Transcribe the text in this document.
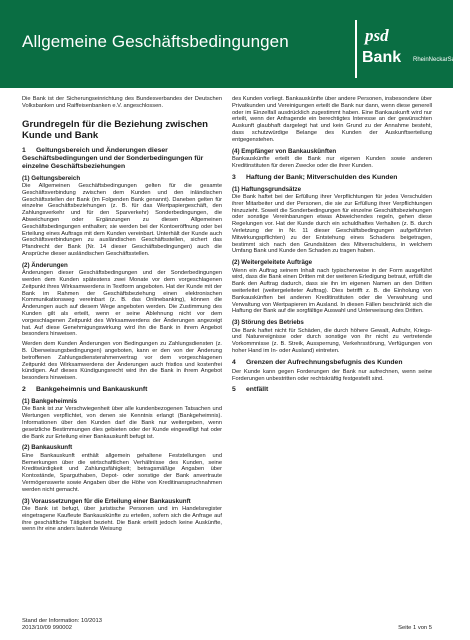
Allgemeine Geschäftsbedingungen	psd
Bank RheinNeckarSaar eG

Die Bank ist der Sicherungseinrichtung des Bundesverbandes der Deutschen Volksbanken und Raiffeisenbanken e.V. angeschlossen.

Grundregeln für die Beziehung zwischen Kunde und Bank
1 Geltungsbereich und Änderungen dieser Geschäftsbedingungen und der Sonderbedingungen für einzelne Geschäftsbeziehungen
(1) Geltungsbereich

Die Allgemeinen Geschäftsbedingungen gelten für die gesamte Geschäftsverbindung zwischen dem Kunden und den inländischen Geschäftsstellen der Bank (im Folgenden Bank genannt). Daneben gelten für einzelne Geschäftsbeziehungen (z. B. für das Wertpapiergeschäft, den Zahlungsverkehr und für den Sparverkehr) Sonderbedingungen, die Abweichungen oder Ergänzungen zu diesen Allgemeinen Geschäftsbedingungen enthalten; sie werden bei der Kontoeröffnung oder bei Erteilung eines Auftrags mit dem Kunden vereinbart. Unterhält der Kunde auch Geschäftsverbindungen zu ausländischen Geschäftsstellen, sichert das Pfandrecht der Bank (Nr. 14 dieser Geschäftsbedingungen) auch die Ansprüche dieser ausländischen Geschäftsstellen.

(2) Änderungen

Änderungen dieser Geschäftsbedingungen und der Sonderbedingungen werden dem Kunden spätestens zwei Monate vor dem vorgeschlagenen Zeitpunkt ihres Wirksamwerdens in Textform angeboten. Hat der Kunde mit der Bank im Rahmen der Geschäftsbeziehung einen elektronischen Kommunikationsweg vereinbart (z. B. das Onlinebanking), können die Änderungen auch auf diesem Wege angeboten werden. Die Zustimmung des Kunden gilt als erteilt, wenn er seine Ablehnung nicht vor dem vorgeschlagenen Zeitpunkt des Wirksamwerdens der Änderungen angezeigt hat. Auf diese Genehmigungswirkung wird ihn die Bank in ihrem Angebot besonders hinweisen.

Werden dem Kunden Änderungen von Bedingungen zu Zahlungsdiensten (z. B. Überweisungsbedingungen) angeboten, kann er den von der Änderung betroffenen Zahlungsdiensterahmenvertrag vor dem vorgeschlagenen Zeitpunkt des Wirksamwerdens der Änderungen auch fristlos und kostenfrei kündigen. Auf dieses Kündigungsrecht wird ihn die Bank in ihrem Angebot besonders hinweisen.

2 Bankgeheimnis und Bankauskunft
(1) Bankgeheimnis

Die Bank ist zur Verschwiegenheit über alle kundenbezogenen Tatsachen und Wertungen verpflichtet, von denen sie Kenntnis erlangt (Bankgeheimnis). Informationen über den Kunden darf die Bank nur weitergeben, wenn gesetzliche Bestimmungen dies gebieten oder der Kunde eingewilligt hat oder die Bank zur Erteilung einer Bankauskunft befugt ist.

(2) Bankauskunft

Eine Bankauskunft enthält allgemein gehaltene Feststellungen und Bemerkungen über die wirtschaftlichen Verhältnisse des Kunden, seine Kreditwürdigkeit und Zahlungsfähigkeit; betragsmäßige Angaben über Kontostände, Sparguthaben, Depot- oder sonstige der Bank anvertraute Vermögenswerte sowie Angaben über die Höhe von Kreditinanspruchnahmen werden nicht gemacht.

(3) Voraussetzungen für die Erteilung einer Bankauskunft

Die Bank ist befugt, über juristische Personen und im Handelsregister eingetragene Kaufleute Bankauskünfte zu erteilen, sofern sich die Anfrage auf ihre geschäftliche Tätigkeit bezieht. Die Bank erteilt jedoch keine Auskünfte, wenn ihr eine anders lautende Weisung

des Kunden vorliegt. Bankauskünfte über andere Personen, insbesondere über Privatkunden und Vereinigungen erteilt die Bank nur dann, wenn diese generell oder im Einzelfall ausdrücklich zugestimmt haben. Eine Bankauskunft wird nur erteilt, wenn der Anfragende ein berechtigtes Interesse an der gewünschten Auskunft glaubhaft dargelegt hat und kein Grund zu der Annahme besteht, dass schutzwürdige Belange des Kunden der Auskunftserteilung entgegenstehen.

(4) Empfänger von Bankauskünften

Bankauskünfte erteilt die Bank nur eigenen Kunden sowie anderen Kreditinstituten für deren Zwecke oder die ihrer Kunden.

3 Haftung der Bank; Mitverschulden des Kunden
(1) Haftungsgrundsätze

Die Bank haftet bei der Erfüllung ihrer Verpflichtungen für jedes Verschulden ihrer Mitarbeiter und der Personen, die sie zur Erfüllung ihrer Verpflichtungen hinzuzieht. Soweit die Sonderbedingungen für einzelne Geschäftsbeziehungen oder sonstige Vereinbarungen etwas Abweichendes regeln, gehen diese Regelungen vor. Hat der Kunde durch ein schuldhaftes Verhalten (z. B. durch Verletzung der in Nr. 11 dieser Geschäftsbedingungen aufgeführten Mitwirkungspflichten) zu der Entstehung eines Schadens beigetragen, bestimmt sich nach den Grundsätzen des Mitverschuldens, in welchem Umfang Bank und Kunde den Schaden zu tragen haben.

(2) Weitergeleitete Aufträge

Wenn ein Auftrag seinem Inhalt nach typischerweise in der Form ausgeführt wird, dass die Bank einen Dritten mit der weiteren Erledigung betraut, erfüllt die Bank den Auftrag dadurch, dass sie ihn im eigenen Namen an den Dritten weiterleitet (weitergeleiteter Auftrag). Dies betrifft z. B. die Einholung von Bankauskünften bei anderen Kreditinstituten oder die Verwahrung und Verwaltung von Wertpapieren im Ausland. In diesen Fällen beschränkt sich die Haftung der Bank auf die sorgfältige Auswahl und Unterweisung des Dritten.

(3) Störung des Betriebs

Die Bank haftet nicht für Schäden, die durch höhere Gewalt, Aufruhr, Kriegs- und Naturereignisse oder durch sonstige von ihr nicht zu vertretende Vorkommnisse (z. B. Streik, Aussperrung, Verkehrsstörung, Verfügungen von hoher Hand im In- oder Ausland) eintreten.

4 Grenzen der Aufrechnungsbefugnis des Kunden

Der Kunde kann gegen Forderungen der Bank nur aufrechnen, wenn seine Forderungen unbestritten oder rechtskräftig festgestellt sind.

5 entfällt
Stand der Information: 10/2013
2013/10/09 990002	Seite 1 von 5
